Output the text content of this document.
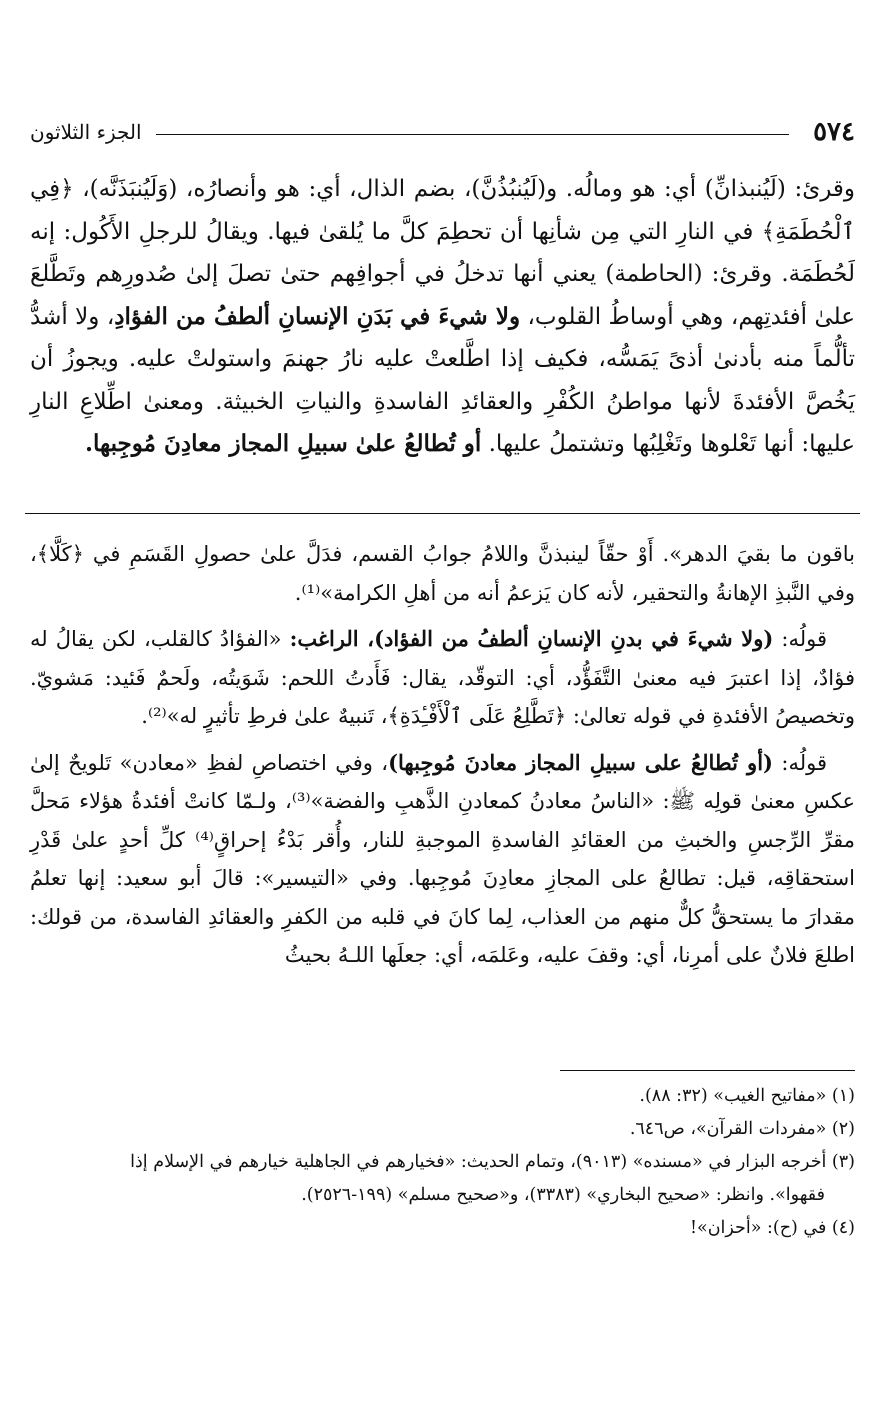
٥٧٤
الجزء الثلاثون

وقرئ: (لَيُنبذانِّ) أي: هو ومالُه. و(لَيُنبُذُنَّ)، بضم الذال، أي: هو وأنصارُه، (وَلَيُنبَذَنَّه)، ﴿فِي ٱلْحُطَمَةِ﴾ في النارِ التي مِن شأنِها أن تحطِمَ كلَّ ما يُلقىٰ فيها. ويقالُ للرجلِ الأَكُول: إنه لَحُطَمَة. وقرئ: (الحاطمة) يعني أنها تدخلُ في أجوافِهم حتىٰ تصلَ إلىٰ صُدورِهم وتَطَّلعَ علىٰ أفئدتِهم، وهي أوساطُ القلوب، ولا شيءَ في بَدَنِ الإنسانِ ألطفُ من الفؤادِ، ولا أشدُّ تألُّماً منه بأدنىٰ أذىً يَمَسُّه، فكيف إذا اطَّلعتْ عليه نارُ جهنمَ واستولتْ عليه. ويجوزُ أن يَخُصَّ الأفئدةَ لأنها مواطنُ الكُفْرِ والعقائدِ الفاسدةِ والنياتِ الخبيثة. ومعنىٰ اطِّلاعِ النارِ عليها: أنها تَعْلوها وتَغْلِبُها وتشتملُ عليها. أو تُطالعُ علىٰ سبيلِ المجاز معادِنَ مُوجِبها.

باقون ما بقيَ الدهر». أَوْ حقّاً لينبذنَّ واللامُ جوابُ القسم، فدَلَّ علىٰ حصولِ القَسَمِ في ﴿كَلَّا﴾، وفي النَّبذِ الإهانةُ والتحقير، لأنه كان يَزعمُ أنه من أهلِ الكرامة»⁽¹⁾.

قولُه: (ولا شيءَ في بدنِ الإنسانِ ألطفُ من الفؤاد)، الراغب: «الفؤادُ كالقلب، لكن يقالُ له فؤادٌ، إذا اعتبرَ فيه معنىٰ التَّفَؤُّد، أي: التوقّد، يقال: فَأَدتُ اللحم: شَوَيتُه، ولَحمٌ فَئيد: مَشويّ. وتخصيصُ الأفئدةِ في قوله تعالىٰ: ﴿تَطَّلِعُ عَلَى ٱلْأَفْـِٔدَةِ﴾، تَنبيهٌ علىٰ فرطِ تأثيرٍ له»⁽²⁾.

قولُه: (أو تُطالعُ على سبيلِ المجاز معادنَ مُوجِبها)، وفي اختصاصِ لفظِ «معادن» تَلويحٌ إلىٰ عكسِ معنىٰ قولِه ﷺ: «الناسُ معادنُ كمعادنِ الذَّهبِ والفضة»⁽³⁾، ولـمّا كانتْ أفئدةُ هؤلاء مَحلَّ مقرِّ الرِّجسِ والخبثِ من العقائدِ الفاسدةِ الموجبةِ للنار، وأُقر بَدْءُ إحراقٍ⁽⁴⁾ كلِّ أحدٍ علىٰ قَدْرِ استحقاقِه، قيل: تطالعُ على المجازِ معادِنَ مُوجِبها. وفي «التيسير»: قالَ أبو سعيد: إنها تعلمُ مقدارَ ما يستحقُّ كلٌّ منهم من العذاب، لِما كانَ في قلبه من الكفرِ والعقائدِ الفاسدة، من قولك: اطلعَ فلانٌ على أمرِنا، أي: وقفَ عليه، وعَلمَه، أي: جعلَها اللـهُ بحيثُ

(١) «مفاتيح الغيب» (٣٢: ٨٨).

(٢) «مفردات القرآن»، ص٦٤٦.

(٣) أخرجه البزار في «مسنده» (٩٠١٣)، وتمام الحديث: «فخيارهم في الجاهلية خيارهم في الإسلام إذا

فقهوا». وانظر: «صحيح البخاري» (٣٣٨٣)، و«صحيح مسلم» (١٩٩-٢٥٢٦).

(٤) في (ح): «أحزان»!
